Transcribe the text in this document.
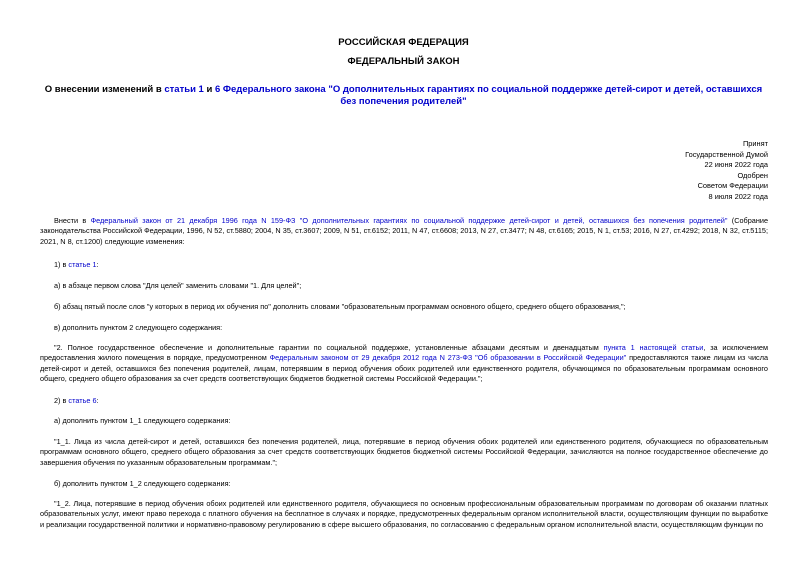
РОССИЙСКАЯ ФЕДЕРАЦИЯ
ФЕДЕРАЛЬНЫЙ ЗАКОН
О внесении изменений в статьи 1 и 6 Федерального закона "О дополнительных гарантиях по социальной поддержке детей-сирот и детей, оставшихся без попечения родителей"
Принят
Государственной Думой
22 июня 2022 года
Одобрен
Советом Федерации
8 июля 2022 года
Внести в Федеральный закон от 21 декабря 1996 года N 159-ФЗ "О дополнительных гарантиях по социальной поддержке детей-сирот и детей, оставшихся без попечения родителей" (Собрание законодательства Российской Федерации, 1996, N 52, ст.5880; 2004, N 35, ст.3607; 2009, N 51, ст.6152; 2011, N 47, ст.6608; 2013, N 27, ст.3477; N 48, ст.6165; 2015, N 1, ст.53; 2016, N 27, ст.4292; 2018, N 32, ст.5115; 2021, N 8, ст.1200) следующие изменения:
1) в статье 1:
а) в абзаце первом слова "Для целей" заменить словами "1. Для целей";
б) абзац пятый после слов "у которых в период их обучения по" дополнить словами "образовательным программам основного общего, среднего общего образования,";
в) дополнить пунктом 2 следующего содержания:
"2. Полное государственное обеспечение и дополнительные гарантии по социальной поддержке, установленные абзацами десятым и двенадцатым пункта 1 настоящей статьи, за исключением предоставления жилого помещения в порядке, предусмотренном Федеральным законом от 29 декабря 2012 года N 273-ФЗ "Об образовании в Российской Федерации" предоставляются также лицам из числа детей-сирот и детей, оставшихся без попечения родителей, лицам, потерявшим в период обучения обоих родителей или единственного родителя, обучающимся по образовательным программам основного общего, среднего общего образования за счет средств соответствующих бюджетов бюджетной системы Российской Федерации.";
2) в статье 6:
а) дополнить пунктом 1_1 следующего содержания:
"1_1. Лица из числа детей-сирот и детей, оставшихся без попечения родителей, лица, потерявшие в период обучения обоих родителей или единственного родителя, обучающиеся по образовательным программам основного общего, среднего общего образования за счет средств соответствующих бюджетов бюджетной системы Российской Федерации, зачисляются на полное государственное обеспечение до завершения обучения по указанным образовательным программам.";
б) дополнить пунктом 1_2 следующего содержания:
"1_2. Лица, потерявшие в период обучения обоих родителей или единственного родителя, обучающиеся по основным профессиональным образовательным программам по договорам об оказании платных образовательных услуг, имеют право перехода с платного обучения на бесплатное в случаях и порядке, предусмотренных федеральным органом исполнительной власти, осуществляющим функции по выработке и реализации государственной политики и нормативно-правовому регулированию в сфере высшего образования, по согласованию с федеральным органом исполнительной власти, осуществляющим функции по
